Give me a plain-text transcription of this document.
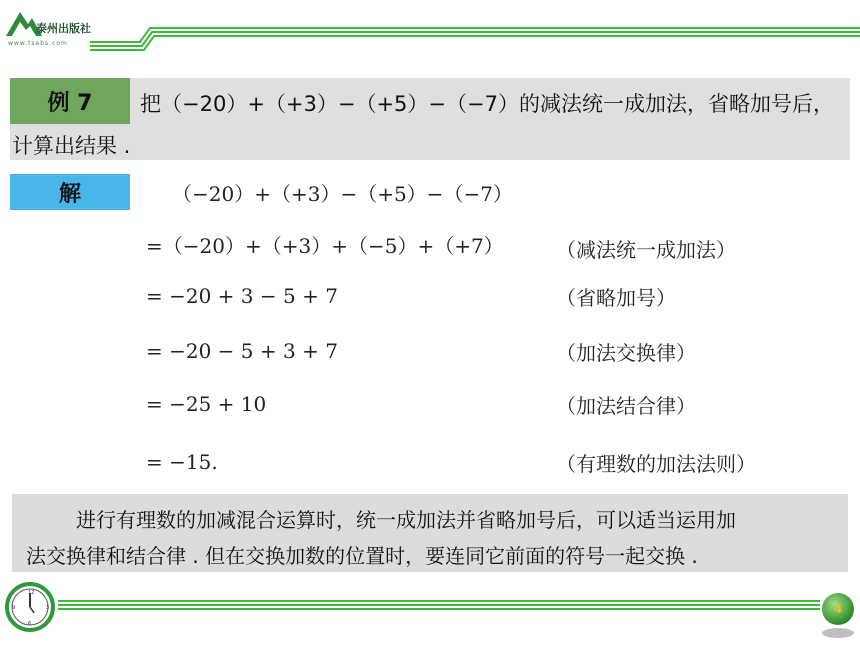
泰州出版社
www.tsebs.com
例 7	把（−20）+（+3）−（+5）−（−7）的减法统一成加法，省略加号后，
计算出结果 .
解	（−20）+（+3）−（+5）−（−7）
=（−20）+（+3）+（−5）+（+7）	（减法统一成加法）
= −20 + 3 − 5 + 7	（省略加号）
= −20 − 5 + 3 + 7	（加法交换律）
= −25 + 10	（加法结合律）
= −15.	（有理数的加法法则）
进行有理数的加减混合运算时，统一成加法并省略加号后，可以适当运用加
法交换律和结合律 . 但在交换加数的位置时，要连同它前面的符号一起交换 .
12
3
6
9	4
